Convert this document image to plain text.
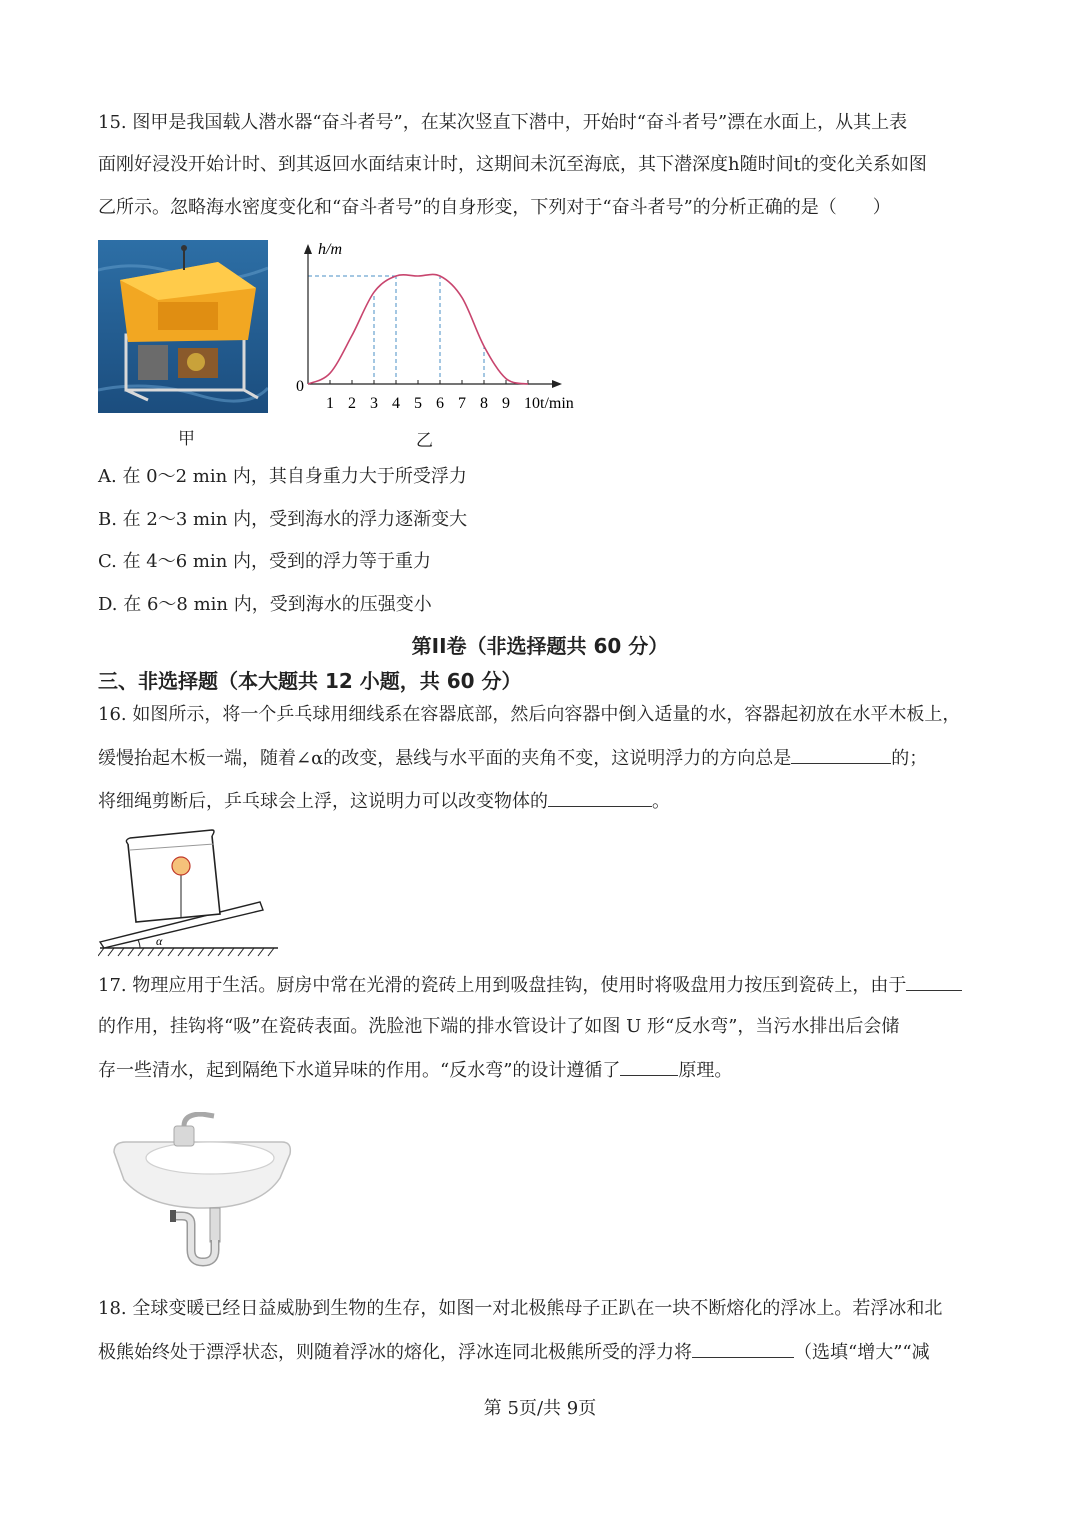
15. 图甲是我国载人潜水器“奋斗者号”，在某次竖直下潜中，开始时“奋斗者号”漂在水面上，从其上表
面刚好浸没开始计时、到其返回水面结束计时，这期间未沉至海底，其下潜深度h随时间t的变化关系如图
乙所示。忽略海水密度变化和“奋斗者号”的自身形变，下列对于“奋斗者号”的分析正确的是（　　）
甲
h/m
t/min
0
1 2 3 4 5 6 7 8 9 10
乙
A. 在 0～2 min 内，其自身重力大于所受浮力
B. 在 2～3 min 内，受到海水的浮力逐渐变大
C. 在 4～6 min 内，受到的浮力等于重力
D. 在 6～8 min 内，受到海水的压强变小
第II卷（非选择题共 60 分）
三、非选择题（本大题共 12 小题，共 60 分）
16. 如图所示，将一个乒乓球用细线系在容器底部，然后向容器中倒入适量的水，容器起初放在水平木板上，
缓慢抬起木板一端，随着∠α的改变，悬线与水平面的夹角不变，这说明浮力的方向总是	的；
将细绳剪断后，乒乓球会上浮，这说明力可以改变物体的	。
α
17. 物理应用于生活。厨房中常在光滑的瓷砖上用到吸盘挂钩，使用时将吸盘用力按压到瓷砖上，由于
的作用，挂钩将“吸”在瓷砖表面。洗脸池下端的排水管设计了如图 U 形“反水弯”，当污水排出后会储
存一些清水，起到隔绝下水道异味的作用。“反水弯”的设计遵循了	原理。
18. 全球变暖已经日益威胁到生物的生存，如图一对北极熊母子正趴在一块不断熔化的浮冰上。若浮冰和北
极熊始终处于漂浮状态，则随着浮冰的熔化，浮冰连同北极熊所受的浮力将	（选填“增大”“减
第 5页/共 9页
